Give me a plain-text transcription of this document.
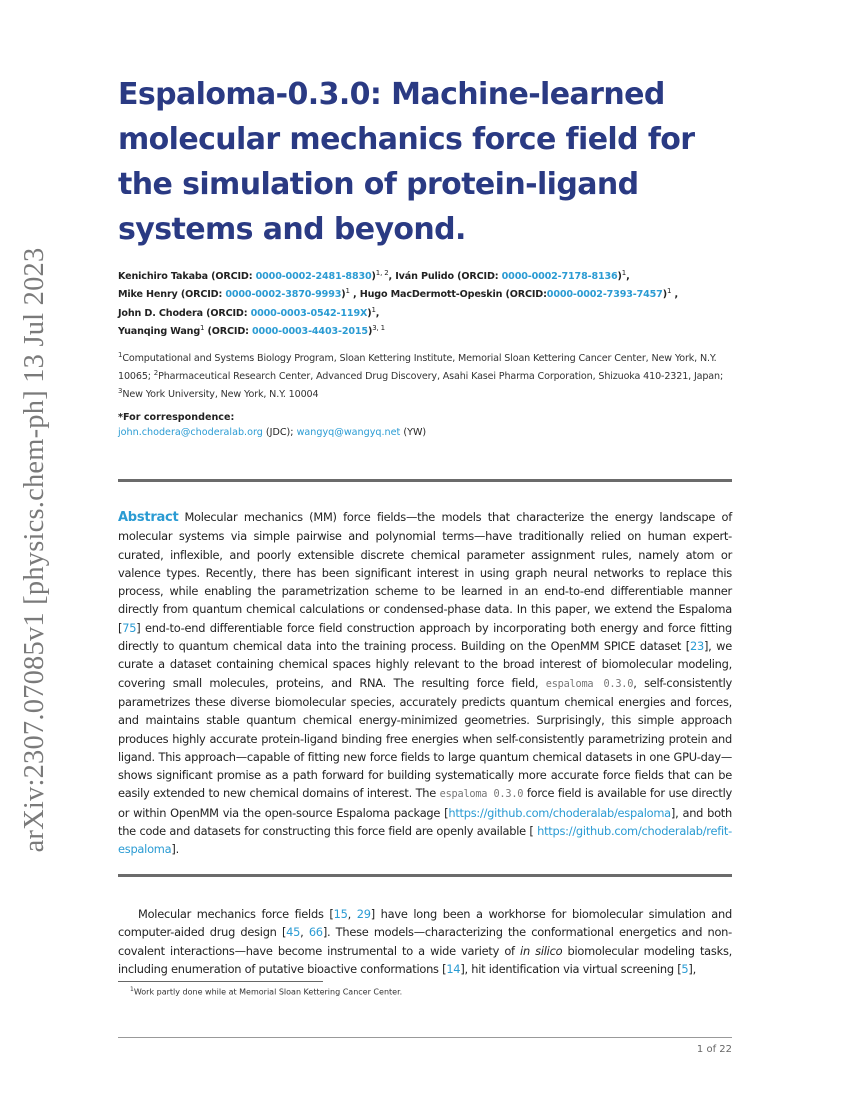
arXiv:2307.07085v1 [physics.chem-ph] 13 Jul 2023
Espaloma-0.3.0: Machine-learned molecular mechanics force field for the simulation of protein-ligand systems and beyond.
Kenichiro Takaba (ORCID: 0000-0002-2481-8830)$^{1, 2}$, Iván Pulido (ORCID: 0000-0002-7178-8136)$^1$,
Mike Henry (ORCID: 0000-0002-3870-9993)$^1$ , Hugo MacDermott-Opeskin (ORCID:0000-0002-7393-7457)$^1$ ,
John D. Chodera (ORCID: 0000-0003-0542-119X)$^1$,
Yuanqing Wang$^1$ (ORCID: 0000-0003-4403-2015)$^{3, 1}$
$^1$Computational and Systems Biology Program, Sloan Kettering Institute, Memorial Sloan Kettering Cancer Center, New York, N.Y. 10065; $^2$Pharmaceutical Research Center, Advanced Drug Discovery, Asahi Kasei Pharma Corporation, Shizuoka 410-2321, Japan; $^3$New York University, New York, N.Y. 10004
*For correspondence:
john.chodera@choderalab.org (JDC); wangyq@wangyq.net (YW)

Abstract Molecular mechanics (MM) force fields—the models that characterize the energy landscape of molecular systems via simple pairwise and polynomial terms—have traditionally relied on human expert-curated, inflexible, and poorly extensible discrete chemical parameter assignment rules, namely atom or valence types. Recently, there has been significant interest in using graph neural networks to replace this process, while enabling the parametrization scheme to be learned in an end-to-end differentiable manner directly from quantum chemical calculations or condensed-phase data. In this paper, we extend the Espaloma [75] end-to-end differentiable force field construction approach by incorporating both energy and force fitting directly to quantum chemical data into the training process. Building on the OpenMM SPICE dataset [23], we curate a dataset containing chemical spaces highly relevant to the broad interest of biomolecular modeling, covering small molecules, proteins, and RNA. The resulting force field, espaloma 0.3.0, self-consistently parametrizes these diverse biomolecular species, accurately predicts quantum chemical energies and forces, and maintains stable quantum chemical energy-minimized geometries. Surprisingly, this simple approach produces highly accurate protein-ligand binding free energies when self-consistently parametrizing protein and ligand. This approach—capable of fitting new force fields to large quantum chemical datasets in one GPU-day—shows significant promise as a path forward for building systematically more accurate force fields that can be easily extended to new chemical domains of interest. The espaloma 0.3.0 force field is available for use directly or within OpenMM via the open-source Espaloma package [https://github.com/choderalab/espaloma], and both the code and datasets for constructing this force field are openly available [ https://github.com/choderalab/refit-espaloma].

Molecular mechanics force fields [15, 29] have long been a workhorse for biomolecular simulation and computer-aided drug design [45, 66]. These models—characterizing the conformational energetics and non-covalent interactions—have become instrumental to a wide variety of in silico biomolecular modeling tasks, including enumeration of putative bioactive conformations [14], hit identification via virtual screening [5],

$^1$Work partly done while at Memorial Sloan Kettering Cancer Center.
1 of 22
